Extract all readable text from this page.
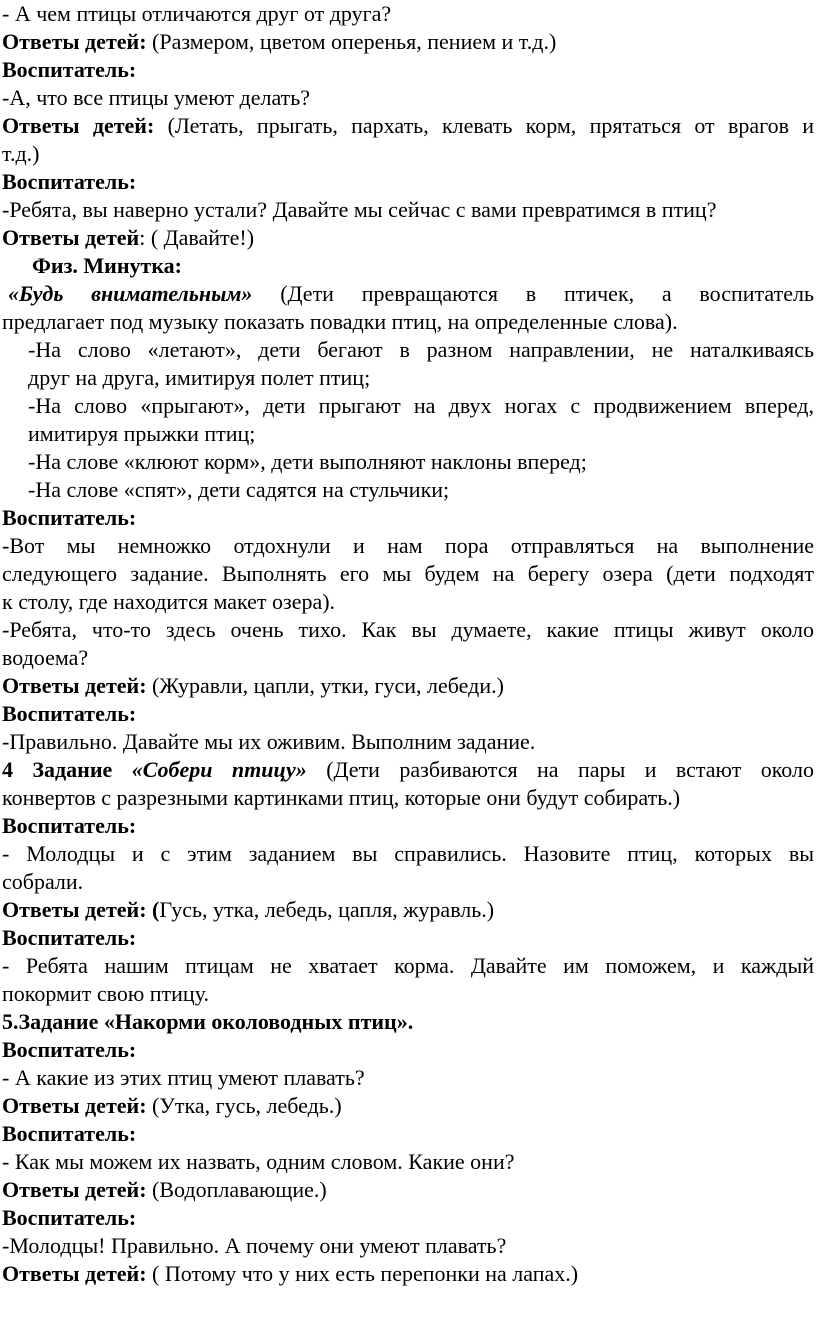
- А чем птицы отличаются друг от друга?
Ответы детей: (Размером, цветом оперенья, пением и т.д.)
Воспитатель:
-А, что все птицы умеют делать?
Ответы детей: (Летать, прыгать, пархать, клевать корм, прятаться от врагов и
т.д.)
Воспитатель:
-Ребята, вы наверно устали? Давайте мы сейчас с вами превратимся в птиц?
Ответы детей: ( Давайте!)
Физ. Минутка:
«Будь внимательным» (Дети превращаются в птичек, а воспитатель
предлагает под музыку показать повадки птиц, на определенные слова).
-На слово «летают», дети бегают в разном направлении, не наталкиваясь
друг на друга, имитируя полет птиц;
-На слово «прыгают», дети прыгают на двух ногах с продвижением вперед,
имитируя прыжки птиц;
-На слове «клюют корм», дети выполняют наклоны вперед;
-На слове «спят», дети садятся на стульчики;
Воспитатель:
-Вот мы немножко отдохнули и нам пора отправляться на выполнение
следующего задание. Выполнять его мы будем на берегу озера (дети подходят
к столу, где находится макет озера).
-Ребята, что-то здесь очень тихо. Как вы думаете, какие птицы живут около
водоема?
Ответы детей: (Журавли, цапли, утки, гуси, лебеди.)
Воспитатель:
-Правильно. Давайте мы их оживим. Выполним задание.
4 Задание «Собери птицу» (Дети разбиваются на пары и встают около
конвертов с разрезными картинками птиц, которые они будут собирать.)
Воспитатель:
- Молодцы и с этим заданием вы справились. Назовите птиц, которых вы
собрали.
Ответы детей: (Гусь, утка, лебедь, цапля, журавль.)
Воспитатель:
- Ребята нашим птицам не хватает корма. Давайте им поможем, и каждый
покормит свою птицу.
5.Задание «Накорми околоводных птиц».
Воспитатель:
- А какие из этих птиц умеют плавать?
Ответы детей: (Утка, гусь, лебедь.)
Воспитатель:
- Как мы можем их назвать, одним словом. Какие они?
Ответы детей: (Водоплавающие.)
Воспитатель:
-Молодцы! Правильно. А почему они умеют плавать?
Ответы детей: ( Потому что у них есть перепонки на лапах.)
